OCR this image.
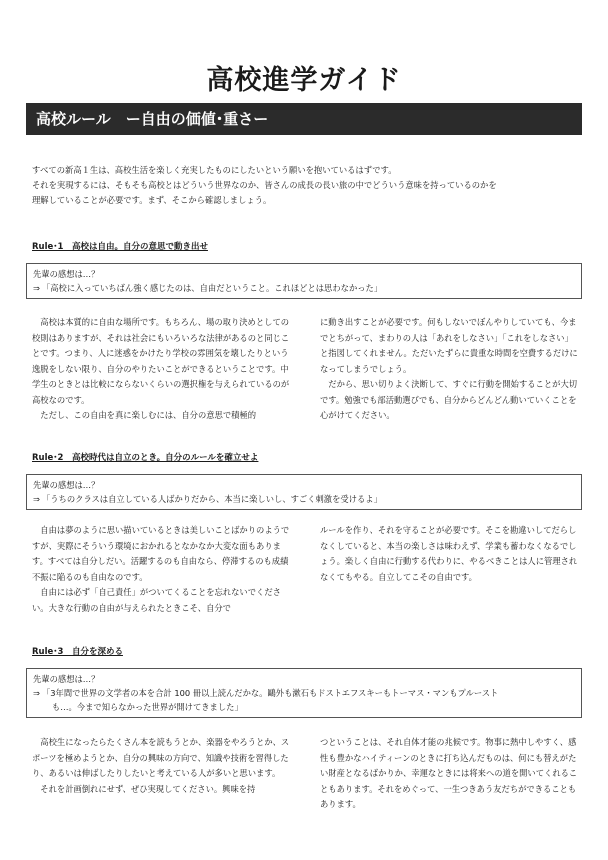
高校進学ガイド
高校ルール　ー自由の価値･重さー

すべての新高１生は、高校生活を楽しく充実したものにしたいという願いを抱いているはずです。

それを実現するには、そもそも高校とはどういう世界なのか、皆さんの成長の長い旅の中でどういう意味を持っているのかを

理解していることが必要です。まず、そこから確認しましょう。

Rule･1　高校は自由。自分の意思で動き出せ
先輩の感想は…？
⇒ 「高校に入っていちばん強く感じたのは、自由だということ。これほどとは思わなかった」

高校は本質的に自由な場所です。もちろん、場の取り決めとしての校則はありますが、それは社会にもいろいろな法律があるのと同じことです。つまり、人に迷惑をかけたり学校の雰囲気を壊したりという逸脱をしない限り、自分のやりたいことができるということです。中学生のときとは比較にならないくらいの選択権を与えられているのが高校なのです。

ただし、この自由を真に楽しむには、自分の意思で積極的

に動き出すことが必要です。何もしないでぼんやりしていても、今までとちがって、まわりの人は「あれをしなさい」「これをしなさい」と指図してくれません。ただいたずらに貴重な時間を空費するだけになってしまうでしょう。

だから、思い切りよく決断して、すぐに行動を開始することが大切です。勉強でも部活動選びでも、自分からどんどん動いていくことを心がけてください。

Rule･2　高校時代は自立のとき。自分のルールを確立せよ
先輩の感想は…？
⇒ 「うちのクラスは自立している人ばかりだから、本当に楽しいし、すごく刺激を受けるよ」

自由は夢のように思い描いているときは美しいことばかりのようですが、実際にそういう環境におかれるとなかなか大変な面もあります。すべては自分しだい。活躍するのも自由なら、停滞するのも成績不振に陥るのも自由なのです。

自由には必ず「自己責任」がついてくることを忘れないでください。大きな行動の自由が与えられたときこそ、自分で

ルールを作り、それを守ることが必要です。そこを勘違いしてだらしなくしていると、本当の楽しさは味わえず、学業も蓄わなくなるでしょう。楽しく自由に行動する代わりに、やるべきことは人に管理されなくてもやる。自立してこその自由です。

Rule･3　自分を深める
先輩の感想は…？
⇒ 「3年間で世界の文学者の本を合計 100 冊以上読んだかな。鷗外も漱石もドストエフスキーもトーマス・マンもプルースト
も…。今まで知らなかった世界が開けてきました」

高校生になったらたくさん本を読もうとか、楽器をやろうとか、スポーツを極めようとか、自分の興味の方向で、知識や技術を習得したり、あるいは伸ばしたりしたいと考えている人が多いと思います。

それを計画倒れにせず、ぜひ実現してください。興味を持

つということは、それ自体才能の兆候です。物事に熱中しやすく、感性も豊かなハイティーンのときに打ち込んだものは、何にも替えがたい財産となるばかりか、幸運なときには将来への道を開いてくれることもあります。それをめぐって、一生つきあう友だちができることもあります。
